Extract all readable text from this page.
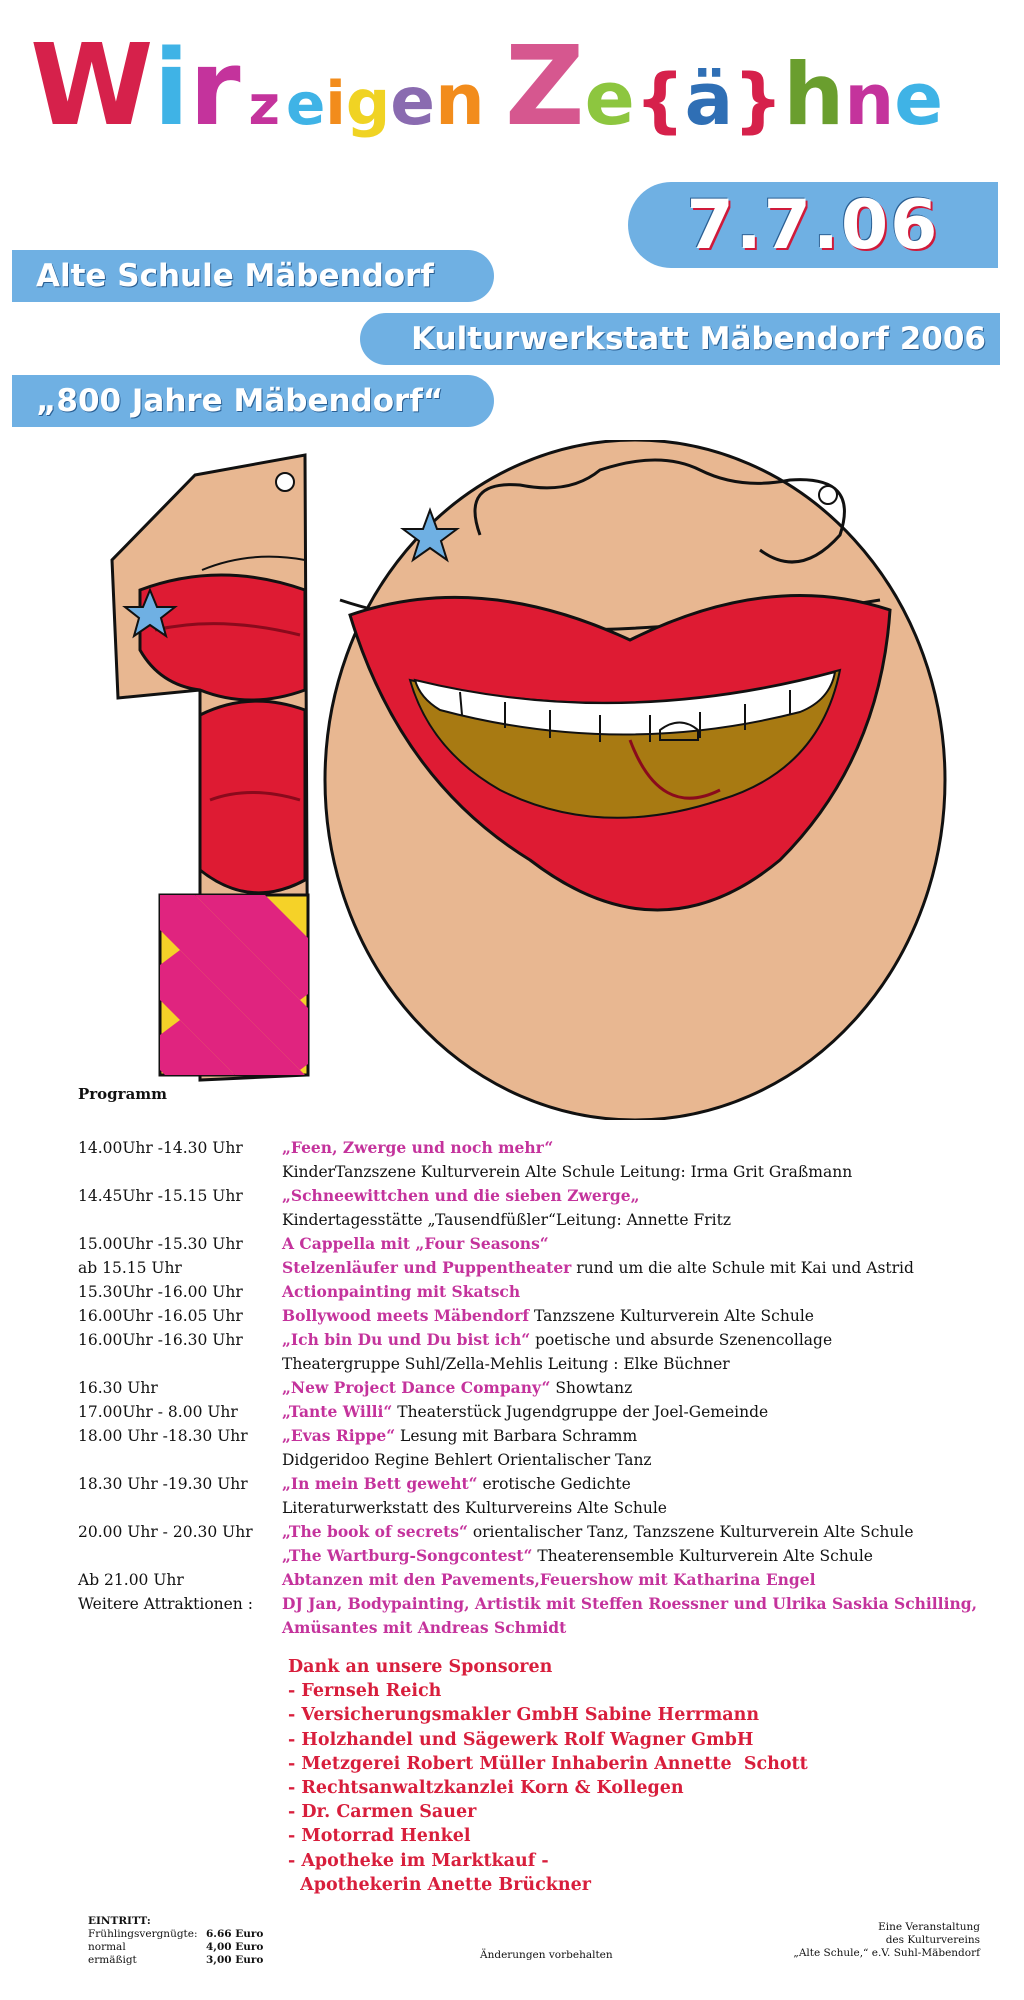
Wir z eigen Ze{ä}hne
7.7.06
Alte Schule Mäbendorf
Kulturwerkstatt Mäbendorf 2006
„800 Jahre Mäbendorf“
Programm
14.00Uhr -14.30 Uhr	„Feen, Zwerge und noch mehr“
KinderTanzszene Kulturverein Alte Schule Leitung: Irma Grit Graßmann
14.45Uhr -15.15 Uhr	„Schneewittchen und die sieben Zwerge„
Kindertagesstätte „Tausendfüßler“Leitung: Annette Fritz
15.00Uhr -15.30 Uhr	A Cappella mit „Four Seasons“
ab 15.15 Uhr	Stelzenläufer und Puppentheater rund um die alte Schule mit Kai und Astrid
15.30Uhr -16.00 Uhr	Actionpainting mit Skatsch
16.00Uhr -16.05 Uhr	Bollywood meets Mäbendorf Tanzszene Kulturverein Alte Schule
16.00Uhr -16.30 Uhr	„Ich bin Du und Du bist ich“ poetische und absurde Szenencollage
Theatergruppe Suhl/Zella-Mehlis Leitung : Elke Büchner
16.30 Uhr	„New Project Dance Company“ Showtanz
17.00Uhr - 8.00 Uhr	„Tante Willi“ Theaterstück Jugendgruppe der Joel-Gemeinde
18.00 Uhr -18.30 Uhr	„Evas Rippe“ Lesung mit Barbara Schramm
Didgeridoo Regine Behlert Orientalischer Tanz
18.30 Uhr -19.30 Uhr	„In mein Bett geweht“ erotische Gedichte
Literaturwerkstatt des Kulturvereins Alte Schule
20.00 Uhr - 20.30 Uhr	„The book of secrets“ orientalischer Tanz, Tanzszene Kulturverein Alte Schule
„The Wartburg-Songcontest“ Theaterensemble Kulturverein Alte Schule
Ab 21.00 Uhr	Abtanzen mit den Pavements,Feuershow mit Katharina Engel
Weitere Attraktionen :	DJ Jan, Bodypainting, Artistik mit Steffen Roessner und Ulrika Saskia Schilling,
Amüsantes mit Andreas Schmidt
Dank an unsere Sponsoren
- Fernseh Reich
- Versicherungsmakler GmbH Sabine Herrmann
- Holzhandel und Sägewerk Rolf Wagner GmbH
- Metzgerei Robert Müller Inhaberin Annette  Schott
- Rechtsanwaltzkanzlei Korn & Kollegen
- Dr. Carmen Sauer
- Motorrad Henkel
- Apotheke im Marktkauf -
Apothekerin Anette Brückner
EINTRITT:
Frühlingsvergnügte: 6.66 Euro
normal	4,00 Euro
ermäßigt	3,00 Euro	Änderungen vorbehalten
Eine Veranstaltung
des Kulturvereins
„Alte Schule,“ e.V. Suhl-Mäbendorf
